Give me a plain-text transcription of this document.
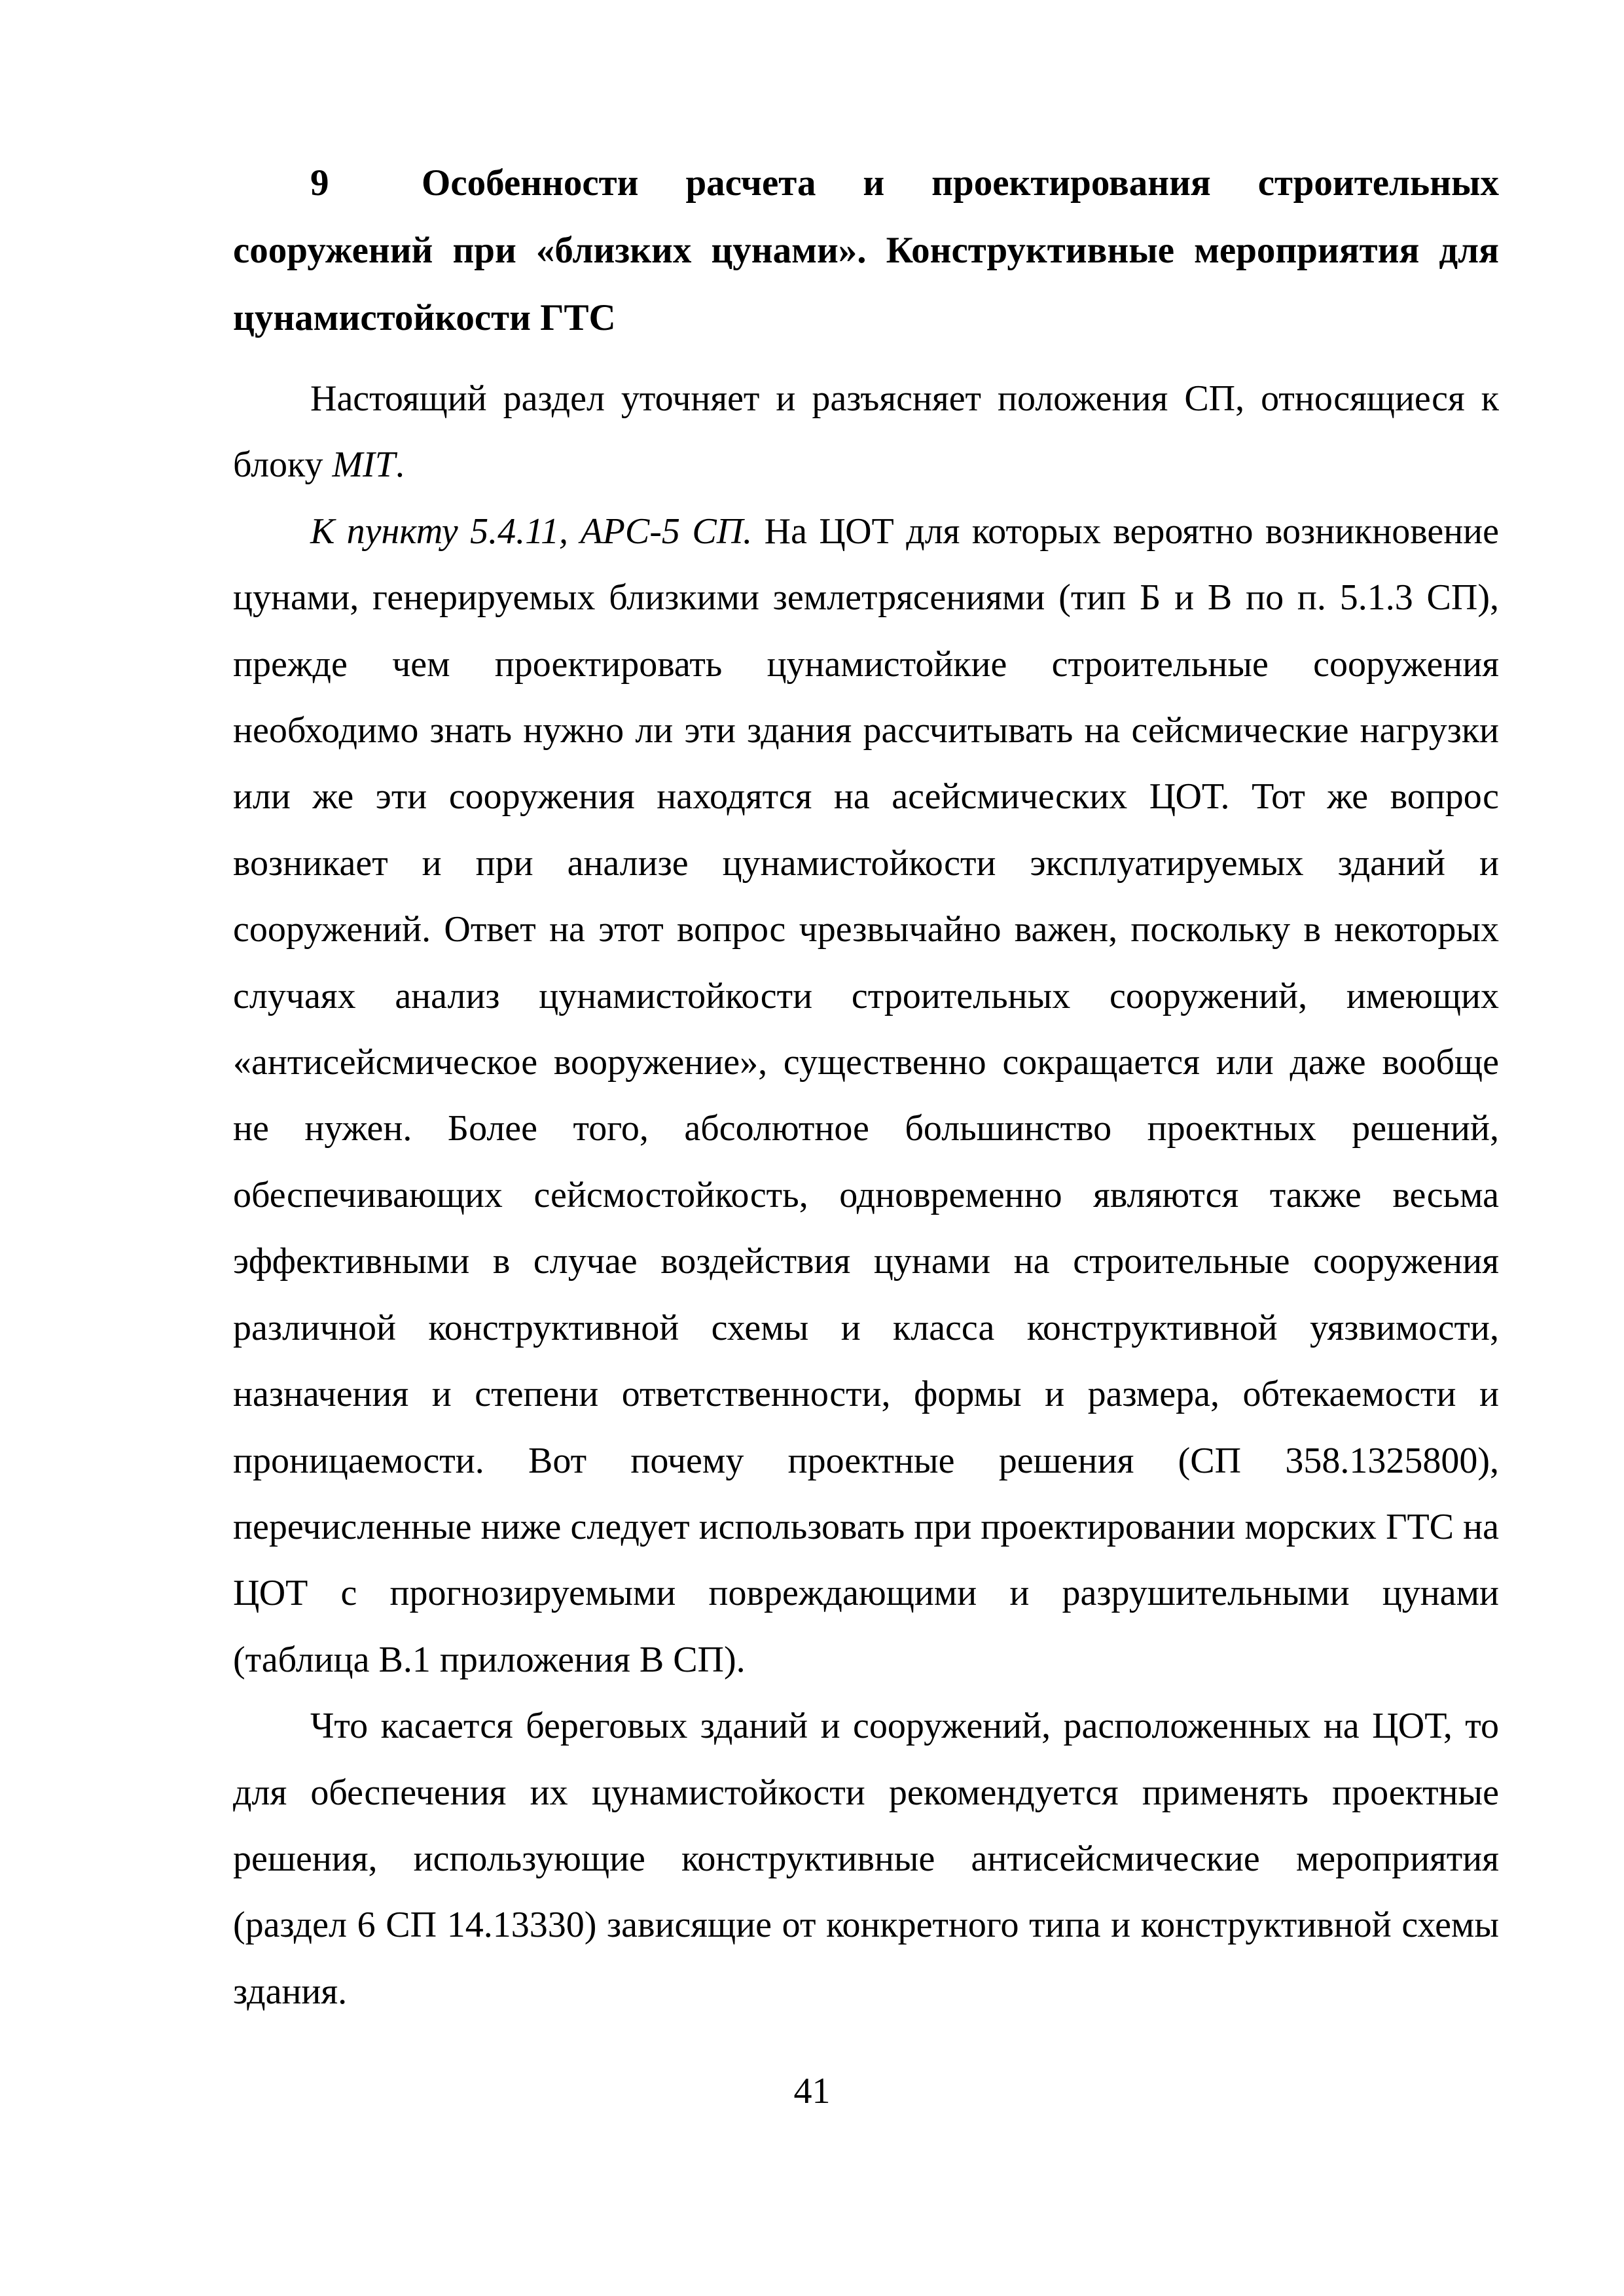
9 Особенности расчета и проектирования строительных сооружений при «близких цунами». Конструктивные мероприятия для цунамистойкости ГТС

Настоящий раздел уточняет и разъясняет положения СП, относящиеся к блоку MIT.

К пункту 5.4.11, АРС-5 СП. На ЦОТ для которых вероятно возникновение цунами, генерируемых близкими землетрясениями (тип Б и В по п. 5.1.3 СП), прежде чем проектировать цунамистойкие строительные сооружения необходимо знать нужно ли эти здания рассчитывать на сейсмические нагрузки или же эти сооружения находятся на асейсмических ЦОТ. Тот же вопрос возникает и при анализе цунамистойкости эксплуатируемых зданий и сооружений. Ответ на этот вопрос чрезвычайно важен, поскольку в некоторых случаях анализ цунамистойкости строительных сооружений, имеющих «антисейсмическое вооружение», существенно сокращается или даже вообще не нужен. Более того, абсолютное большинство проектных решений, обеспечивающих сейсмостойкость, одновременно являются также весьма эффективными в случае воздействия цунами на строительные сооружения различной конструктивной схемы и класса конструктивной уязвимости, назначения и степени ответственности, формы и размера, обтекаемости и проницаемости. Вот почему проектные решения (СП 358.1325800), перечисленные ниже следует использовать при проектировании морских ГТС на ЦОТ с прогнозируемыми повреждающими и разрушительными цунами (таблица В.1 приложения В СП).

Что касается береговых зданий и сооружений, расположенных на ЦОТ, то для обеспечения их цунамистойкости рекомендуется применять проектные решения, использующие конструктивные антисейсмические мероприятия (раздел 6 СП 14.13330) зависящие от конкретного типа и конструктивной схемы здания.

41
